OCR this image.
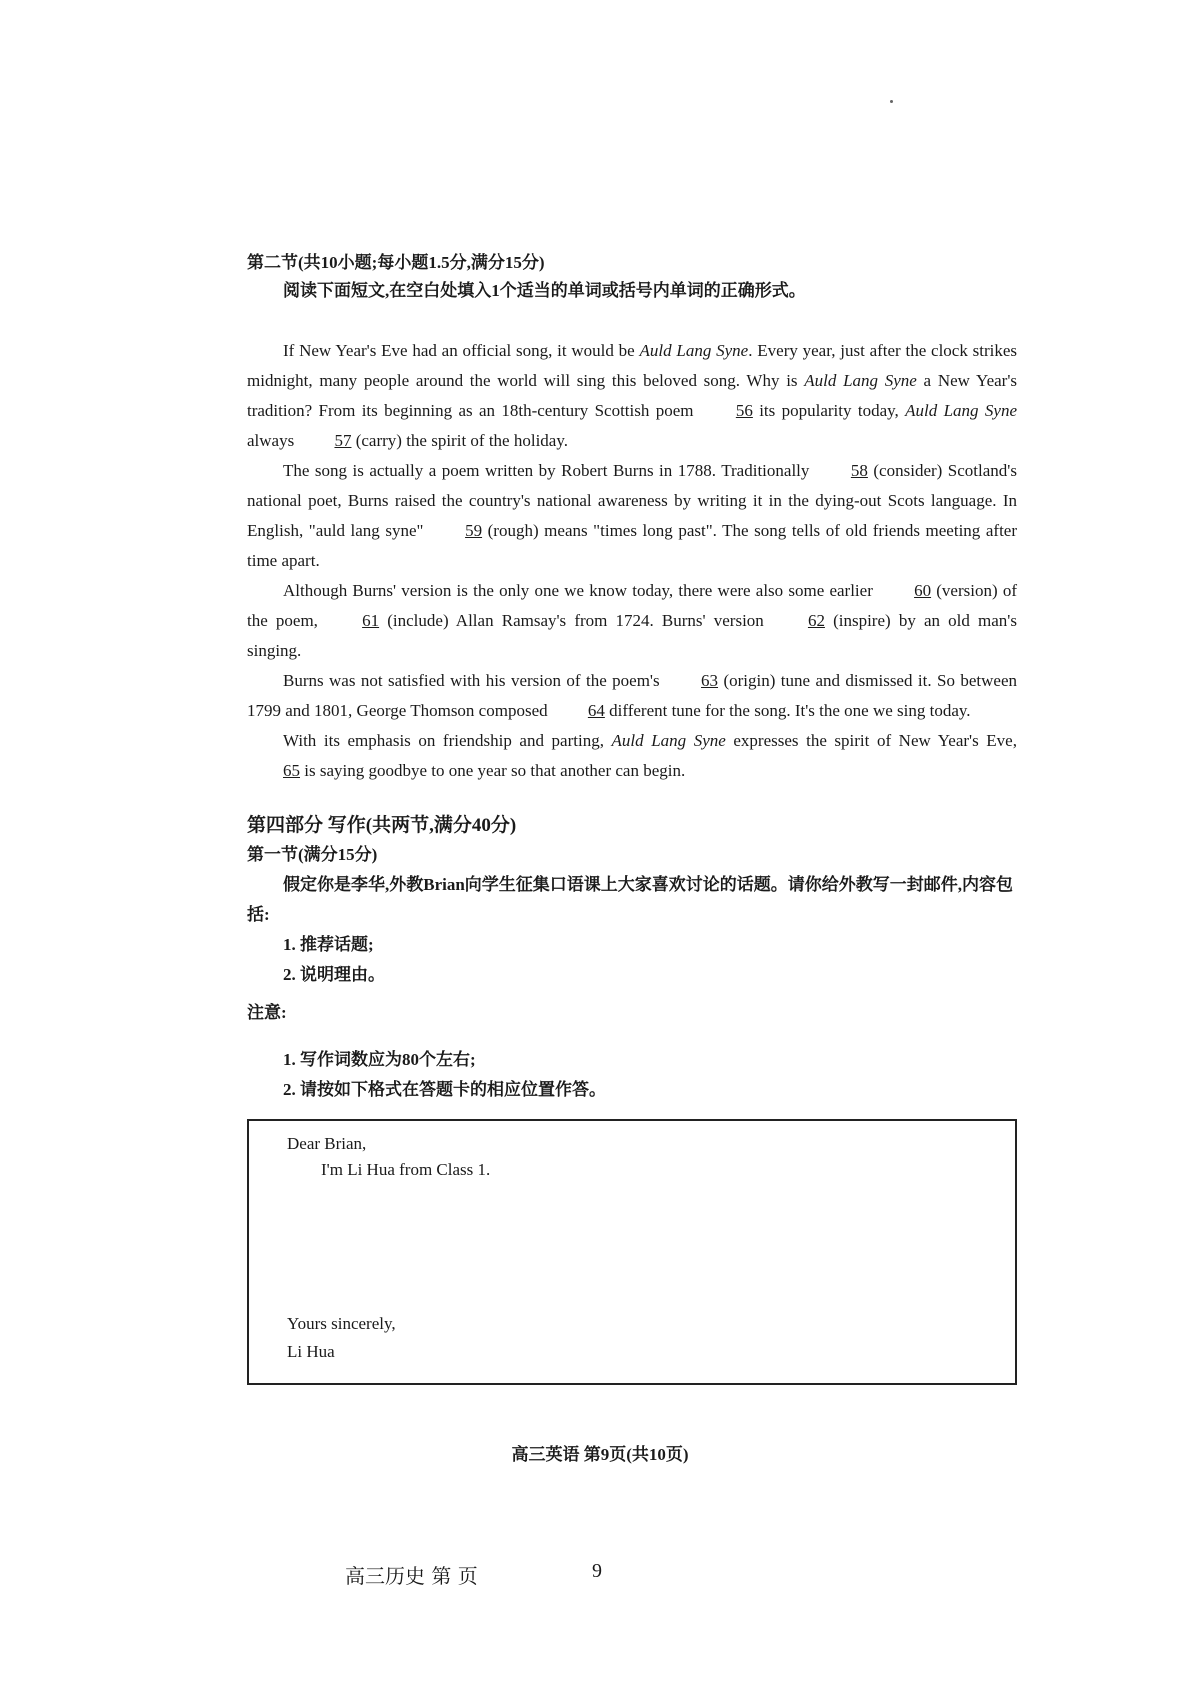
第二节(共10小题;每小题1.5分,满分15分)

阅读下面短文,在空白处填入1个适当的单词或括号内单词的正确形式。

If New Year's Eve had an official song, it would be Auld Lang Syne. Every year, just after the clock strikes midnight, many people around the world will sing this beloved song. Why is Auld Lang Syne a New Year's tradition? From its beginning as an 18th-century Scottish poem 56 its popularity today, Auld Lang Syne always 57 (carry) the spirit of the holiday.

The song is actually a poem written by Robert Burns in 1788. Traditionally 58 (consider) Scotland's national poet, Burns raised the country's national awareness by writing it in the dying-out Scots language. In English, "auld lang syne" 59 (rough) means "times long past". The song tells of old friends meeting after time apart.

Although Burns' version is the only one we know today, there were also some earlier 60 (version) of the poem, 61 (include) Allan Ramsay's from 1724. Burns' version 62 (inspire) by an old man's singing.

Burns was not satisfied with his version of the poem's 63 (origin) tune and dismissed it. So between 1799 and 1801, George Thomson composed 64 different tune for the song. It's the one we sing today.

With its emphasis on friendship and parting, Auld Lang Syne expresses the spirit of New Year's Eve, 65 is saying goodbye to one year so that another can begin.

第四部分 写作(共两节,满分40分)

第一节(满分15分)

假定你是李华,外教Brian向学生征集口语课上大家喜欢讨论的话题。请你给外教写一封邮件,内容包括:

1. 推荐话题;

2. 说明理由。

注意:

1. 写作词数应为80个左右;

2. 请按如下格式在答题卡的相应位置作答。

Dear Brian,
I'm Li Hua from Class 1.
Yours sincerely,
Li Hua
高三英语 第9页(共10页)
高三历史 第 页	9
